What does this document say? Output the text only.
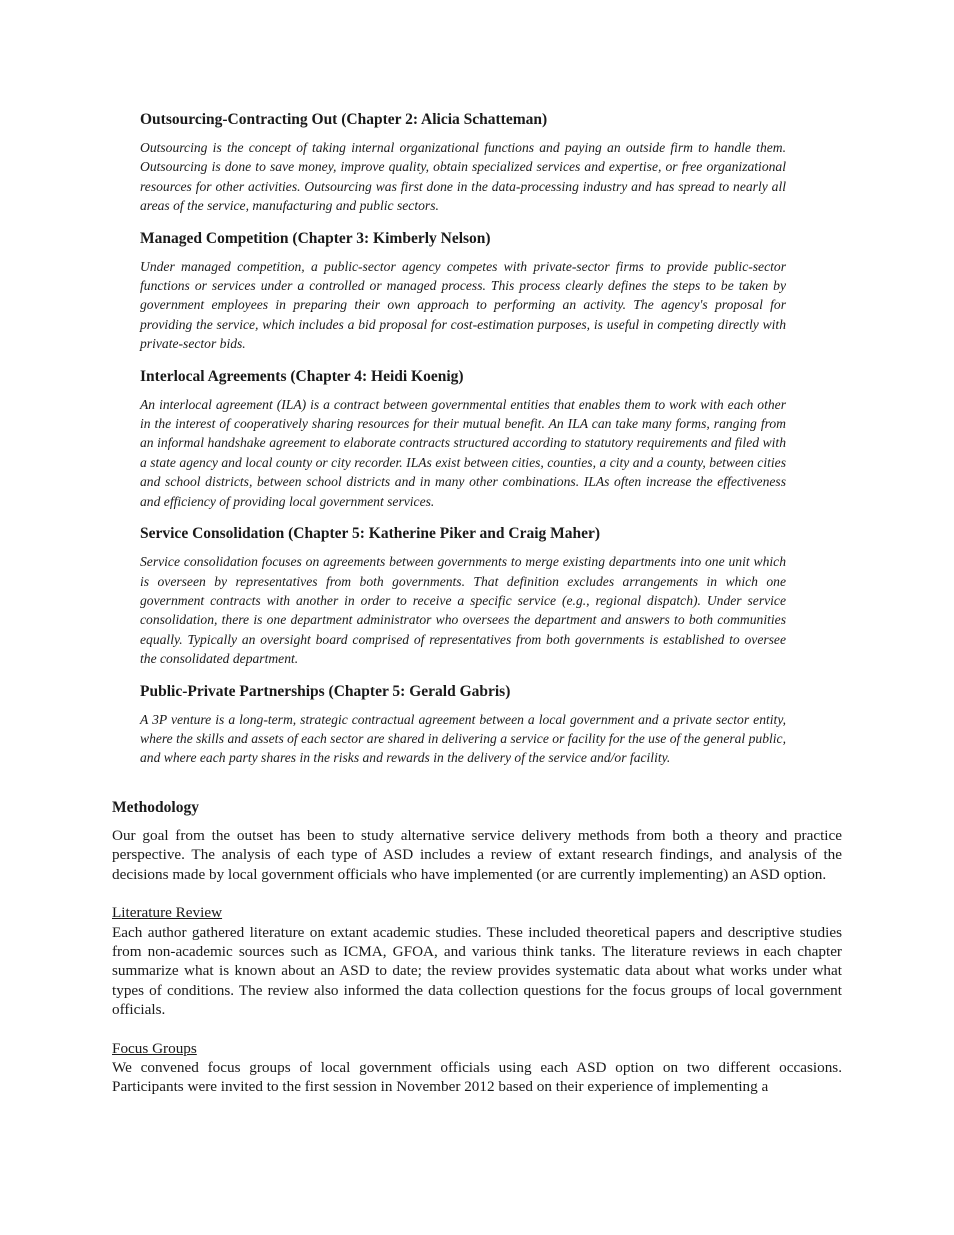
Outsourcing-Contracting Out (Chapter 2: Alicia Schatteman)
Outsourcing is the concept of taking internal organizational functions and paying an outside firm to handle them. Outsourcing is done to save money, improve quality, obtain specialized services and expertise, or free organizational resources for other activities. Outsourcing was first done in the data-processing industry and has spread to nearly all areas of the service, manufacturing and public sectors.
Managed Competition (Chapter 3: Kimberly Nelson)
Under managed competition, a public-sector agency competes with private-sector firms to provide public-sector functions or services under a controlled or managed process. This process clearly defines the steps to be taken by government employees in preparing their own approach to performing an activity. The agency's proposal for providing the service, which includes a bid proposal for cost-estimation purposes, is useful in competing directly with private-sector bids.
Interlocal Agreements (Chapter 4: Heidi Koenig)
An interlocal agreement (ILA) is a contract between governmental entities that enables them to work with each other in the interest of cooperatively sharing resources for their mutual benefit. An ILA can take many forms, ranging from an informal handshake agreement to elaborate contracts structured according to statutory requirements and filed with a state agency and local county or city recorder. ILAs exist between cities, counties, a city and a county, between cities and school districts, between school districts and in many other combinations. ILAs often increase the effectiveness and efficiency of providing local government services.
Service Consolidation (Chapter 5: Katherine Piker and Craig Maher)
Service consolidation focuses on agreements between governments to merge existing departments into one unit which is overseen by representatives from both governments. That definition excludes arrangements in which one government contracts with another in order to receive a specific service (e.g., regional dispatch). Under service consolidation, there is one department administrator who oversees the department and answers to both communities equally. Typically an oversight board comprised of representatives from both governments is established to oversee the consolidated department.
Public-Private Partnerships (Chapter 5: Gerald Gabris)
A 3P venture is a long-term, strategic contractual agreement between a local government and a private sector entity, where the skills and assets of each sector are shared in delivering a service or facility for the use of the general public, and where each party shares in the risks and rewards in the delivery of the service and/or facility.
Methodology
Our goal from the outset has been to study alternative service delivery methods from both a theory and practice perspective. The analysis of each type of ASD includes a review of extant research findings, and analysis of the decisions made by local government officials who have implemented (or are currently implementing) an ASD option.
Literature Review
Each author gathered literature on extant academic studies. These included theoretical papers and descriptive studies from non-academic sources such as ICMA, GFOA, and various think tanks. The literature reviews in each chapter summarize what is known about an ASD to date; the review provides systematic data about what works under what types of conditions. The review also informed the data collection questions for the focus groups of local government officials.
Focus Groups
We convened focus groups of local government officials using each ASD option on two different occasions. Participants were invited to the first session in November 2012 based on their experience of implementing a
